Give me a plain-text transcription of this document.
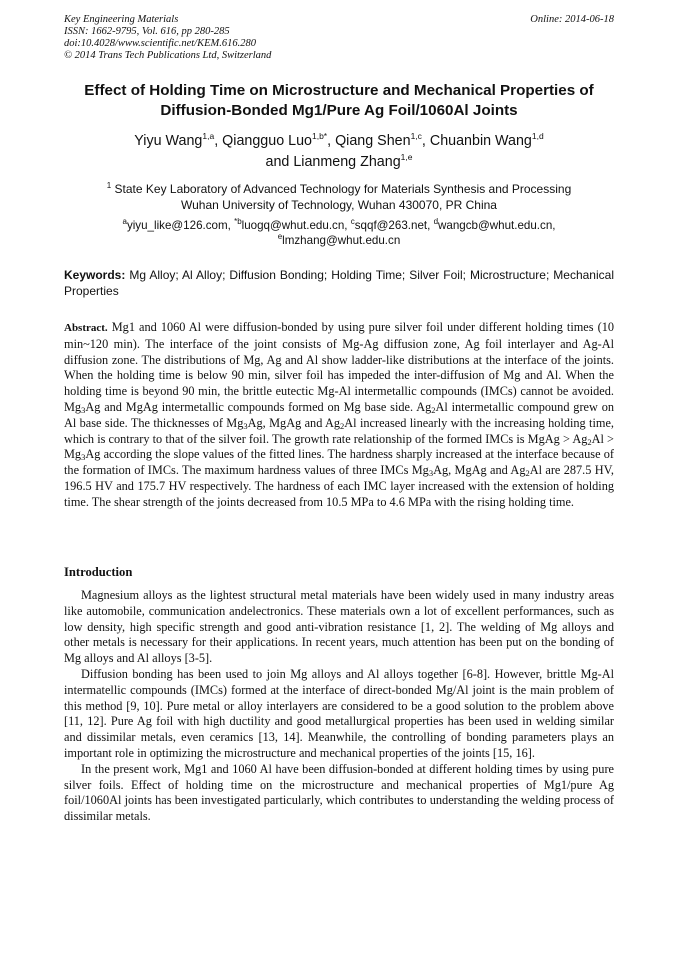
Key Engineering Materials
ISSN: 1662-9795, Vol. 616, pp 280-285
doi:10.4028/www.scientific.net/KEM.616.280
© 2014 Trans Tech Publications Ltd, Switzerland
Online: 2014-06-18
Effect of Holding Time on Microstructure and Mechanical Properties of
Diffusion-Bonded Mg1/Pure Ag Foil/1060Al Joints
Yiyu Wang$^{1,a}$, Qiangguo Luo$^{1,b*}$, Qiang Shen$^{1,c}$, Chuanbin Wang$^{1,d}$
and Lianmeng Zhang$^{1,e}$
$^1$ State Key Laboratory of Advanced Technology for Materials Synthesis and Processing
Wuhan University of Technology, Wuhan 430070, PR China
$^a$yiyu_like@126.com, $^{*b}$luogq@whut.edu.cn, $^c$sqqf@263.net, $^d$wangcb@whut.edu.cn,
$^e$lmzhang@whut.edu.cn
Keywords: Mg Alloy; Al Alloy; Diffusion Bonding; Holding Time; Silver Foil; Microstructure; Mechanical Properties
Abstract. Mg1 and 1060 Al were diffusion-bonded by using pure silver foil under different holding times (10 min~120 min). The interface of the joint consists of Mg-Ag diffusion zone, Ag foil interlayer and Ag-Al diffusion zone. The distributions of Mg, Ag and Al show ladder-like distributions at the interface of the joints. When the holding time is below 90 min, silver foil has impeded the inter-diffusion of Mg and Al. When the holding time is beyond 90 min, the brittle eutectic Mg-Al intermetallic compounds (IMCs) cannot be avoided. $Mg_3Ag$ and MgAg intermetallic compounds formed on Mg base side. $Ag_2Al$ intermetallic compound grew on Al base side. The thicknesses of $Mg_3Ag$, MgAg and $Ag_2Al$ increased linearly with the increasing holding time, which is contrary to that of the silver foil. The growth rate relationship of the formed IMCs is MgAg > $Ag_2Al > Mg_3Ag$ according the slope values of the fitted lines. The hardness sharply increased at the interface because of the formation of IMCs. The maximum hardness values of three IMCs $Mg_3Ag$, MgAg and $Ag_2Al$ are 287.5 HV, 196.5 HV and 175.7 HV respectively. The hardness of each IMC layer increased with the extension of holding time. The shear strength of the joints decreased from 10.5 MPa to 4.6 MPa with the rising holding time.
Introduction

Magnesium alloys as the lightest structural metal materials have been widely used in many industry areas like automobile, communication andelectronics. These materials own a lot of excellent performances, such as low density, high specific strength and good anti-vibration resistance [1, 2]. The welding of Mg alloys and other metals is necessary for their applications. In recent years, much attention has been put on the bonding of Mg alloys and Al alloys [3-5].

Diffusion bonding has been used to join Mg alloys and Al alloys together [6-8]. However, brittle Mg-Al intermatellic compounds (IMCs) formed at the interface of direct-bonded Mg/Al joint is the main problem of this method [9, 10]. Pure metal or alloy interlayers are considered to be a good solution to the problem above [11, 12]. Pure Ag foil with high ductility and good metallurgical properties has been used in welding similar and dissimilar metals, even ceramics [13, 14]. Meanwhile, the controlling of bonding parameters plays an important role in optimizing the microstructure and mechanical properties of the joints [15, 16].

In the present work, Mg1 and 1060 Al have been diffusion-bonded at different holding times by using pure silver foils. Effect of holding time on the microstructure and mechanical properties of Mg1/pure Ag foil/1060Al joints has been investigated particularly, which contributes to understanding the welding process of dissimilar metals.
